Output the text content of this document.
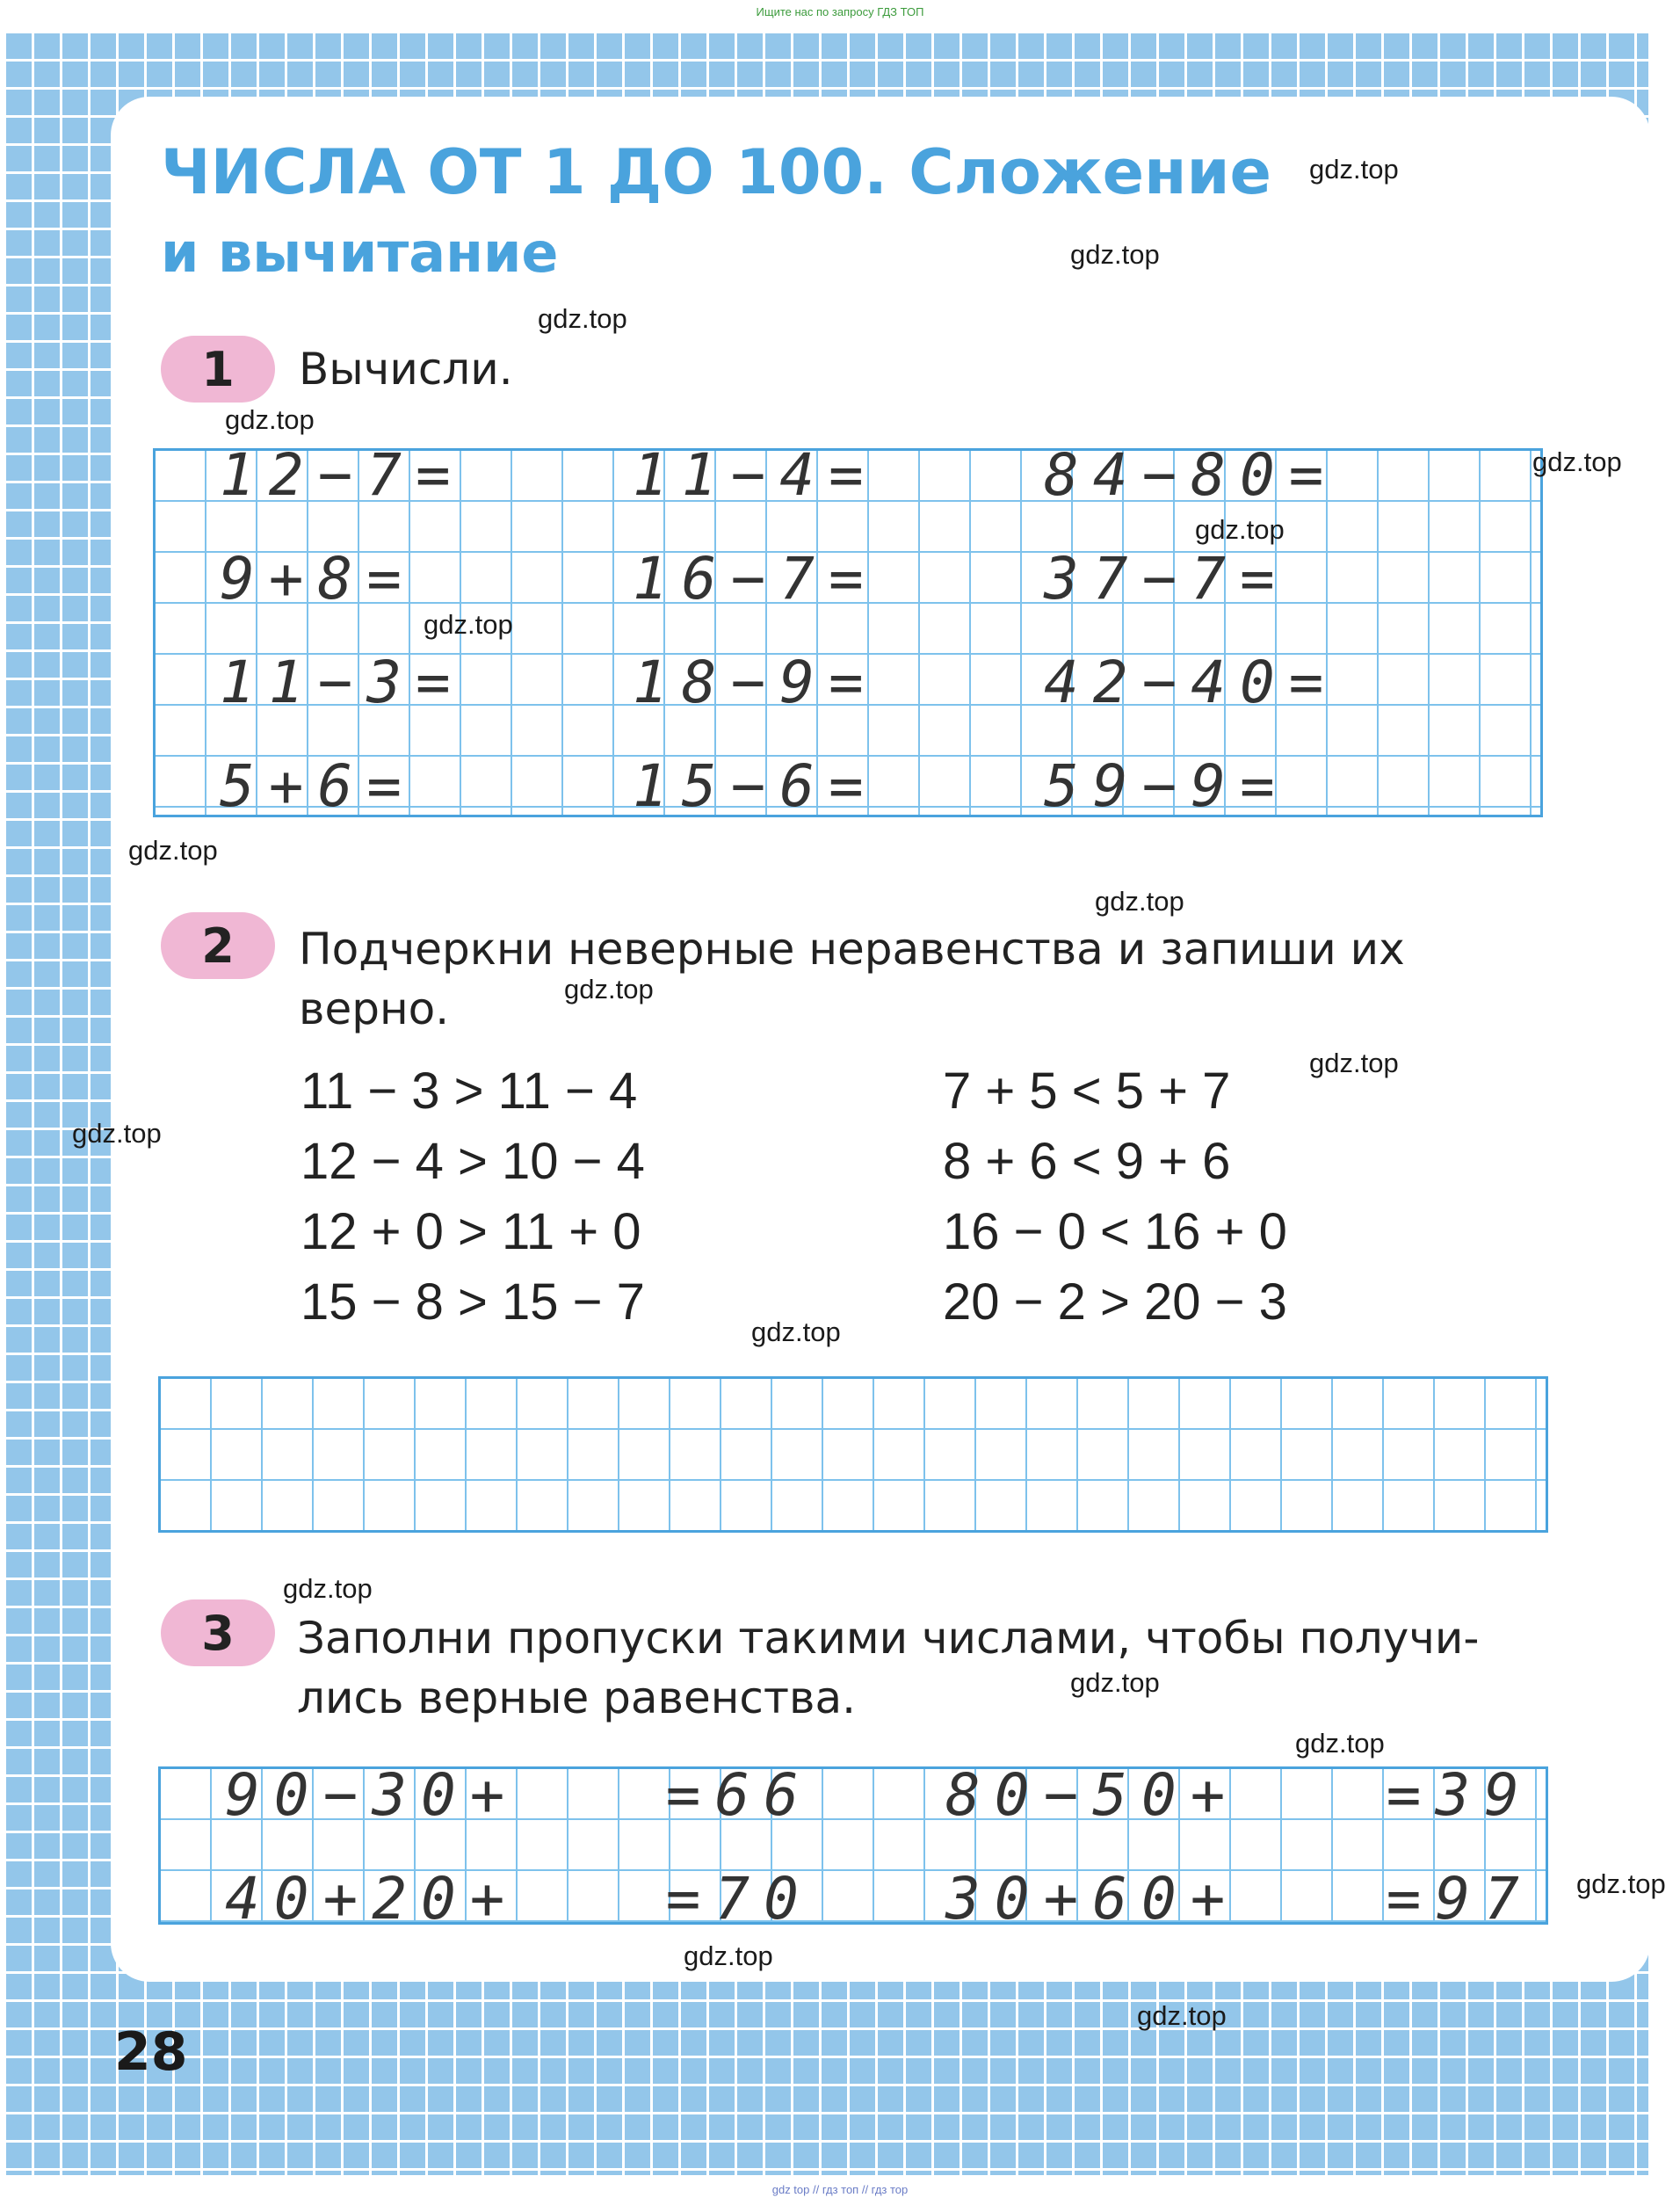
Ищите нас по запросу ГДЗ ТОП
ЧИСЛА ОТ 1 ДО 100. Сложение
и вычитание
1	Вычисли.
12−7=	11−4=	84−80=
9+8=	16−7=	37−7=
11−3=	18−9=	42−40=
5+6=	15−6=	59−9=
2	Подчеркни неверные неравенства и запиши их
верно.
11 − 3 > 11 − 4
12 − 4 > 10 − 4
12 + 0 > 11 + 0
15 − 8 > 15 − 7
7 + 5 < 5 + 7
8 + 6 < 9 + 6
16 − 0 < 16 + 0
20 − 2 > 20 − 3
3	Заполни пропуски такими числами, чтобы получи-
лись верные равенства.
90−30+   =66 80−50+   =39
40+20+   =70 30+60+   =97
28
gdz.top
gdz.top
gdz.top
gdz.top
gdz.top
gdz.top
gdz.top
gdz.top
gdz.top
gdz.top
gdz.top
gdz.top
gdz.top
gdz.top
gdz.top
gdz.top
gdz.top
gdz.top
gdz.top
gdz top // гдз топ // гдз тор
